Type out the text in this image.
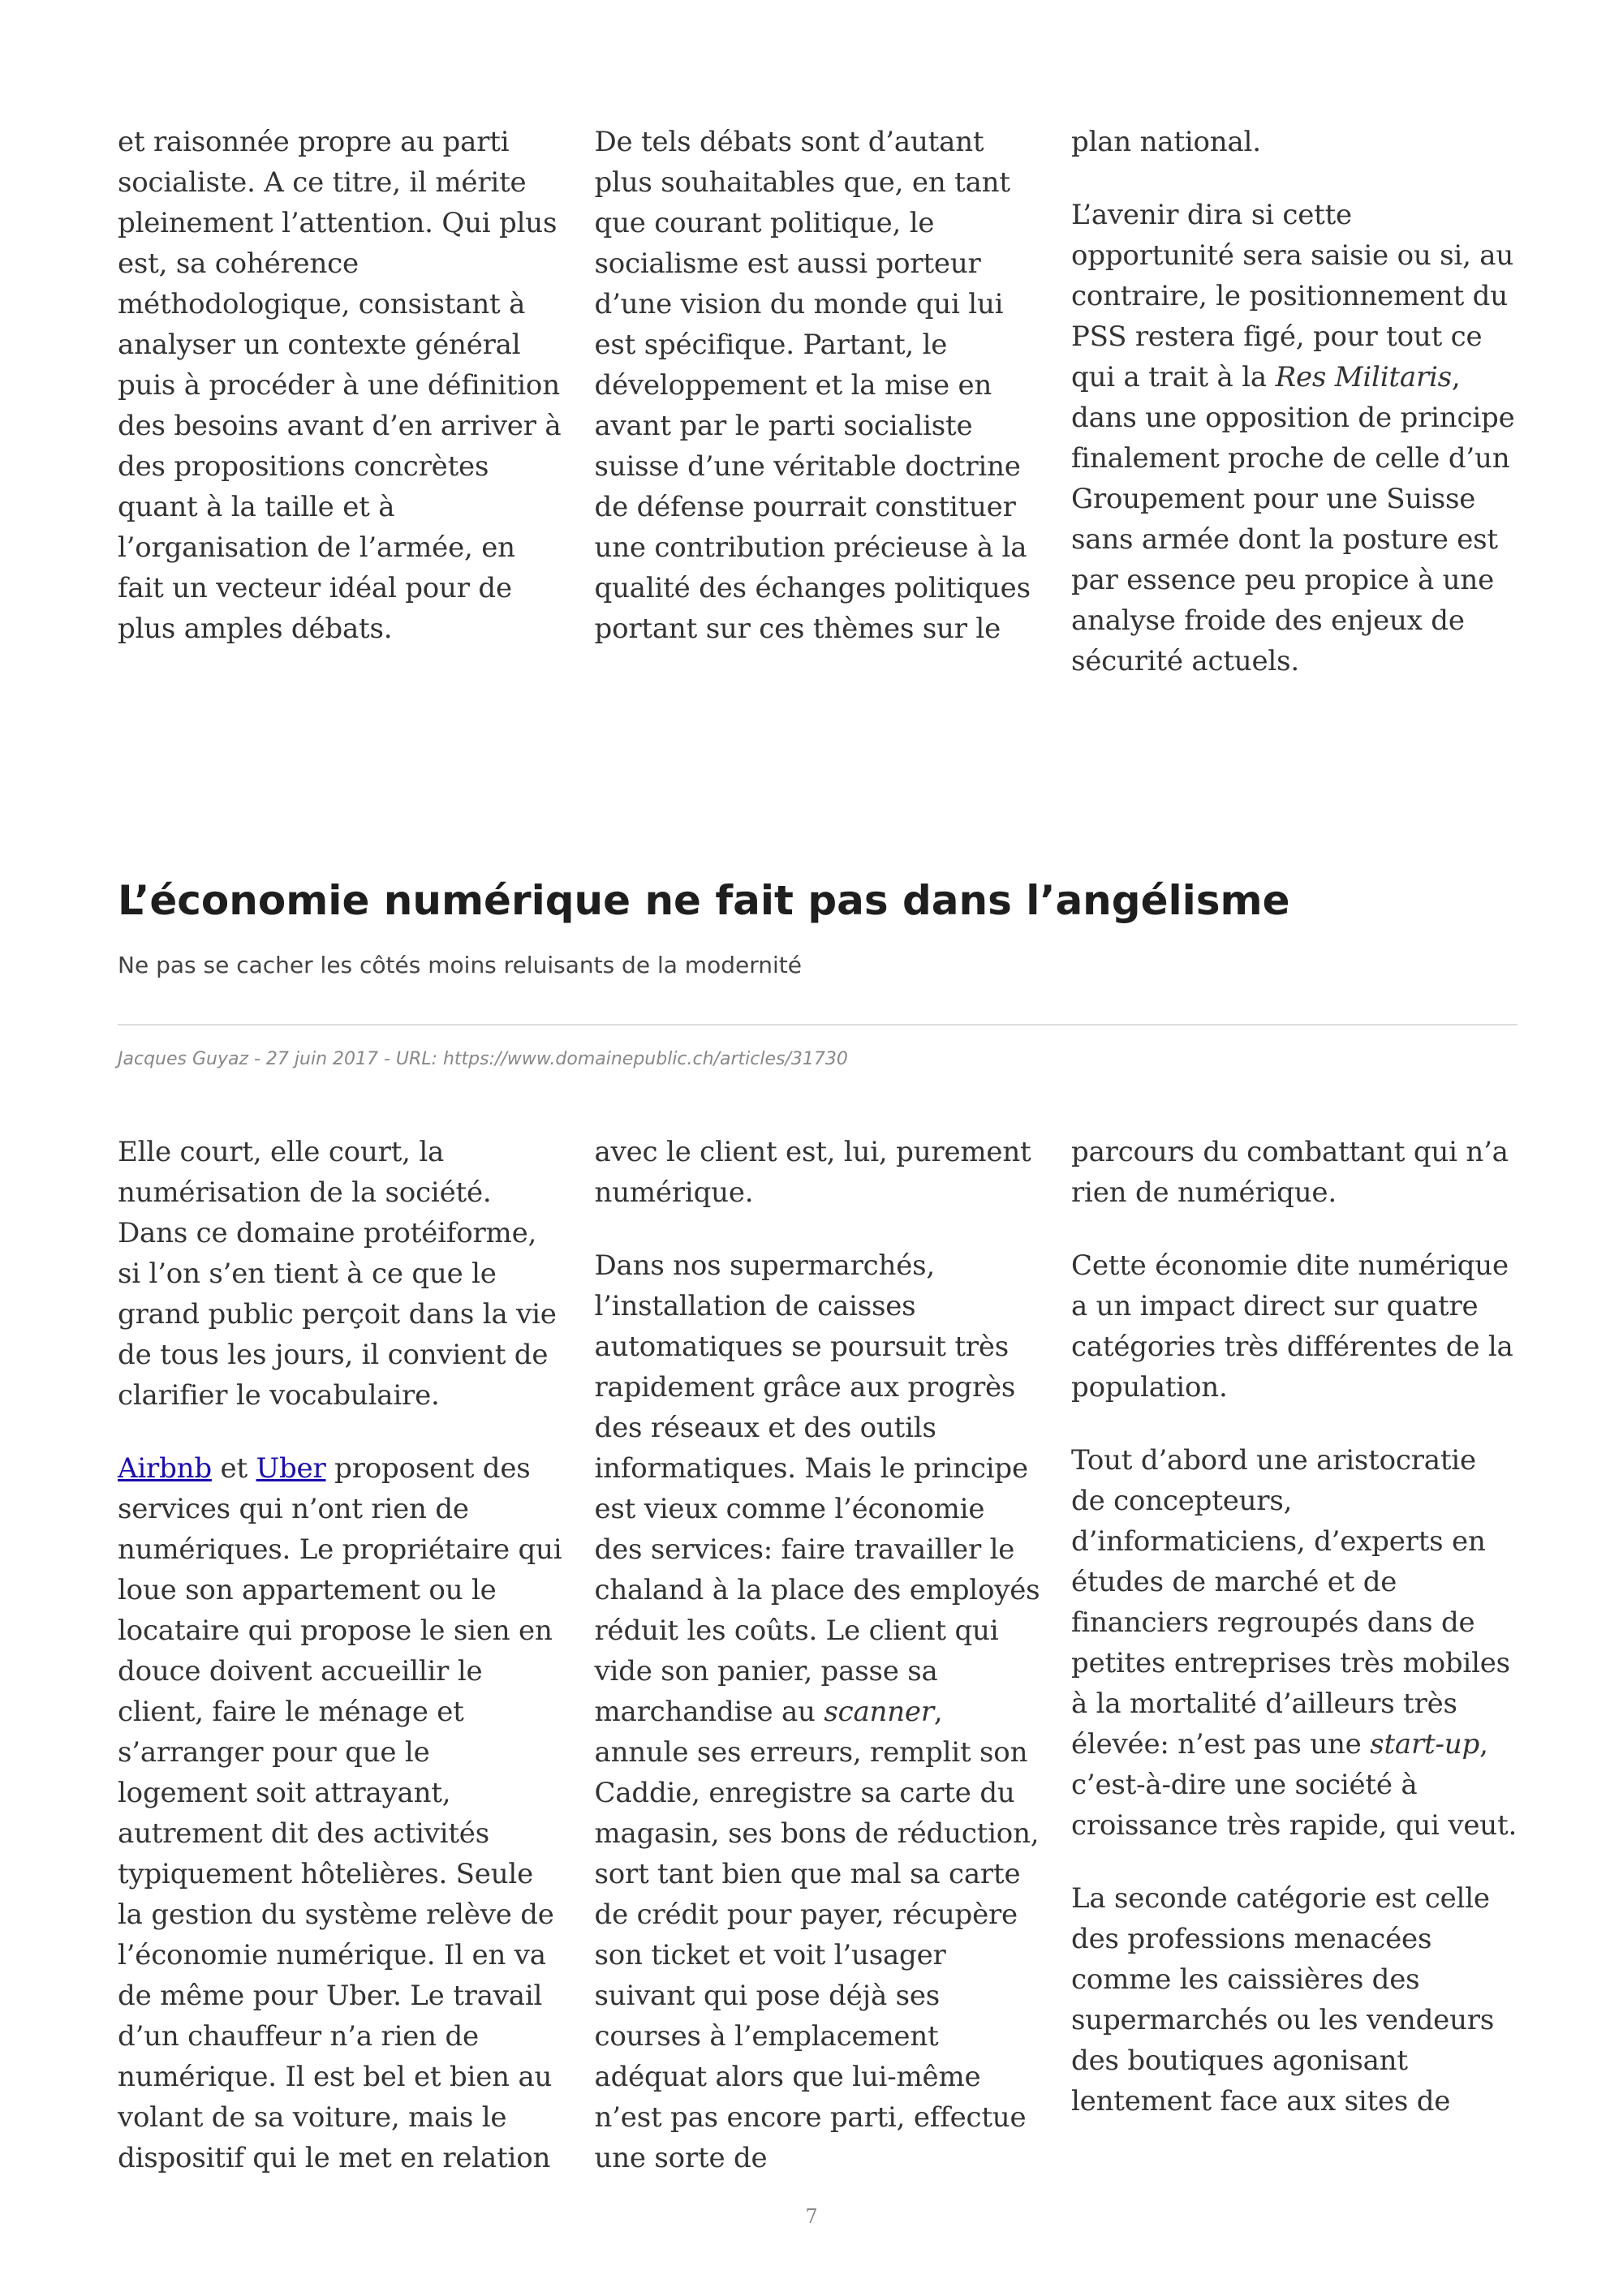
et raisonnée propre au parti socialiste. A ce titre, il mérite pleinement l’attention. Qui plus est, sa cohérence méthodologique, consistant à analyser un contexte général puis à procéder à une définition des besoins avant d’en arriver à des propositions concrètes quant à la taille et à l’organisation de l’armée, en fait un vecteur idéal pour de plus amples débats.

De tels débats sont d’autant plus souhaitables que, en tant que courant politique, le socialisme est aussi porteur d’une vision du monde qui lui est spécifique. Partant, le développement et la mise en avant par le parti socialiste suisse d’une véritable doctrine de défense pourrait constituer une contribution précieuse à la qualité des échanges politiques portant sur ces thèmes sur le

plan national.

L’avenir dira si cette opportunité sera saisie ou si, au contraire, le positionnement du PSS restera figé, pour tout ce qui a trait à la Res Militaris, dans une opposition de principe finalement proche de celle d’un Groupement pour une Suisse sans armée dont la posture est par essence peu propice à une analyse froide des enjeux de sécurité actuels.

L’économie numérique ne fait pas dans l’angélisme
Ne pas se cacher les côtés moins reluisants de la modernité
Jacques Guyaz - 27 juin 2017 - URL: https://www.domainepublic.ch/articles/31730

Elle court, elle court, la numérisation de la société. Dans ce domaine protéiforme, si l’on s’en tient à ce que le grand public perçoit dans la vie de tous les jours, il convient de clarifier le vocabulaire.

Airbnb et Uber proposent des services qui n’ont rien de numériques. Le propriétaire qui loue son appartement ou le locataire qui propose le sien en douce doivent accueillir le client, faire le ménage et s’arranger pour que le logement soit attrayant, autrement dit des activités typiquement hôtelières. Seule la gestion du système relève de l’économie numérique. Il en va de même pour Uber. Le travail d’un chauffeur n’a rien de numérique. Il est bel et bien au volant de sa voiture, mais le dispositif qui le met en relation

avec le client est, lui, purement numérique.

Dans nos supermarchés, l’installation de caisses automatiques se poursuit très rapidement grâce aux progrès des réseaux et des outils informatiques. Mais le principe est vieux comme l’économie des services: faire travailler le chaland à la place des employés réduit les coûts. Le client qui vide son panier, passe sa marchandise au scanner, annule ses erreurs, remplit son Caddie, enregistre sa carte du magasin, ses bons de réduction, sort tant bien que mal sa carte de crédit pour payer, récupère son ticket et voit l’usager suivant qui pose déjà ses courses à l’emplacement adéquat alors que lui-même n’est pas encore parti, effectue une sorte de

parcours du combattant qui n’a rien de numérique.

Cette économie dite numérique a un impact direct sur quatre catégories très différentes de la population.

Tout d’abord une aristocratie de concepteurs, d’informaticiens, d’experts en études de marché et de financiers regroupés dans de petites entreprises très mobiles à la mortalité d’ailleurs très élevée: n’est pas une start-up, c’est-à-dire une société à croissance très rapide, qui veut.

La seconde catégorie est celle des professions menacées comme les caissières des supermarchés ou les vendeurs des boutiques agonisant lentement face aux sites de

7
